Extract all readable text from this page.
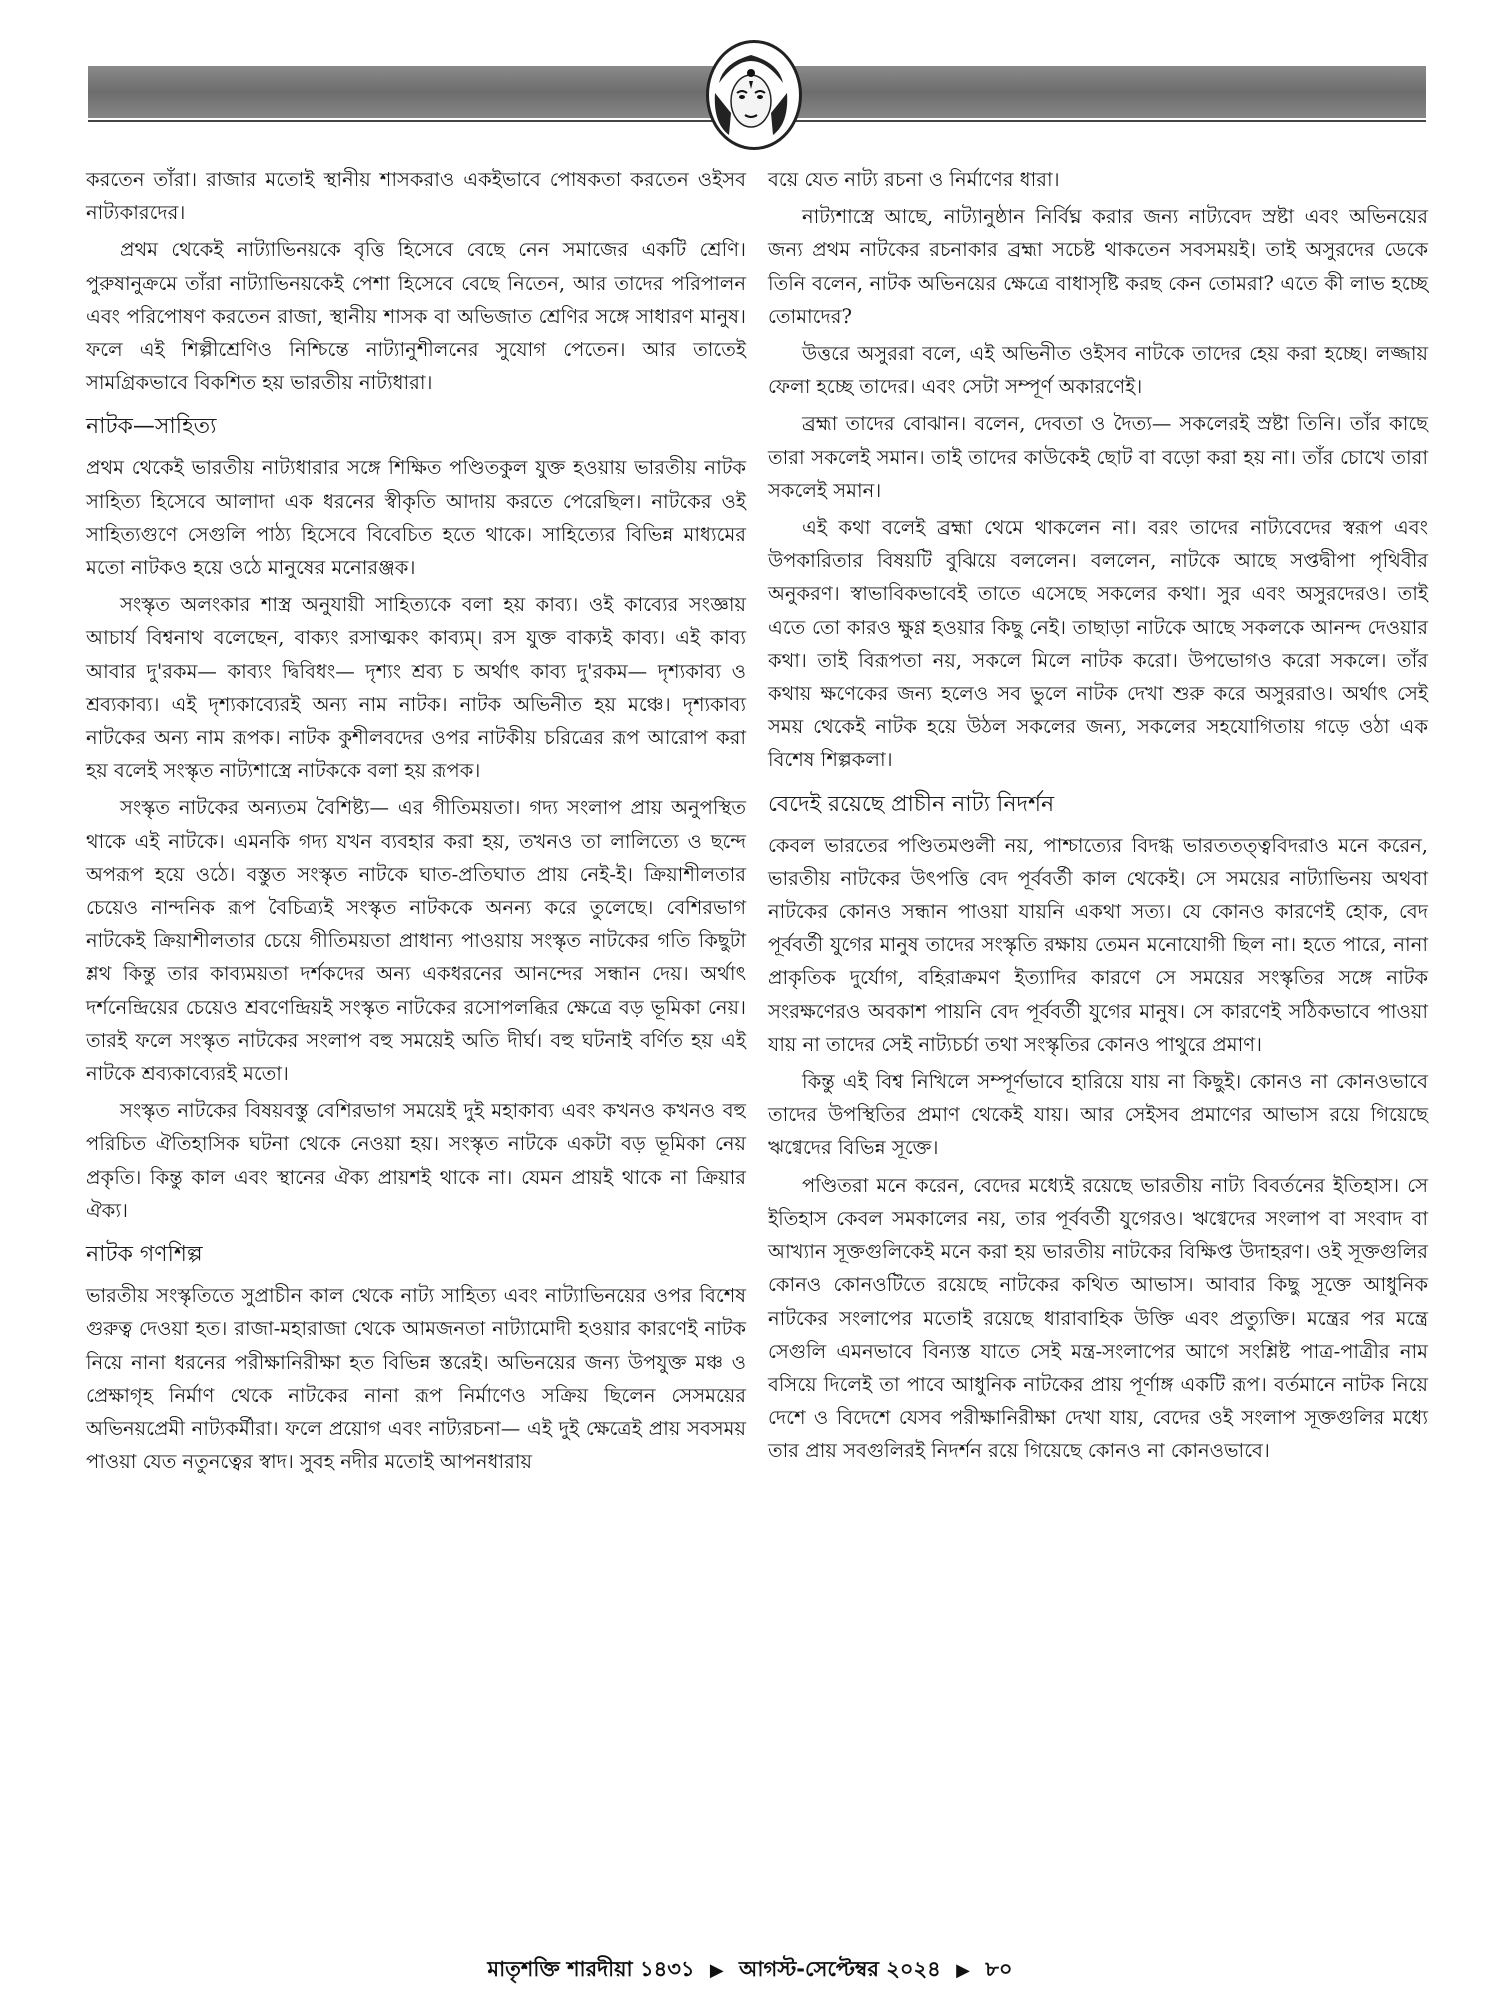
করতেন তাঁরা। রাজার মতোই স্থানীয় শাসকরাও একইভাবে পোষকতা করতেন ওইসব নাট্যকারদের।

প্রথম থেকেই নাট্যাভিনয়কে বৃত্তি হিসেবে বেছে নেন সমাজের একটি শ্রেণি। পুরুষানুক্রমে তাঁরা নাট্যাভিনয়কেই পেশা হিসেবে বেছে নিতেন, আর তাদের পরিপালন এবং পরিপোষণ করতেন রাজা, স্থানীয় শাসক বা অভিজাত শ্রেণির সঙ্গে সাধারণ মানুষ। ফলে এই শিল্পীশ্রেণিও নিশ্চিন্তে নাট্যানুশীলনের সুযোগ পেতেন। আর তাতেই সামগ্রিকভাবে বিকশিত হয় ভারতীয় নাট্যধারা।

নাটক—সাহিত্য

প্রথম থেকেই ভারতীয় নাট্যধারার সঙ্গে শিক্ষিত পণ্ডিতকুল যুক্ত হওয়ায় ভারতীয় নাটক সাহিত্য হিসেবে আলাদা এক ধরনের স্বীকৃতি আদায় করতে পেরেছিল। নাটকের ওই সাহিত্যগুণে সেগুলি পাঠ্য হিসেবে বিবেচিত হতে থাকে। সাহিত্যের বিভিন্ন মাধ্যমের মতো নাটকও হয়ে ওঠে মানুষের মনোরঞ্জক।

সংস্কৃত অলংকার শাস্ত্র অনুযায়ী সাহিত্যকে বলা হয় কাব্য। ওই কাব্যের সংজ্ঞায় আচার্য বিশ্বনাথ বলেছেন, বাক্যং রসাত্মকং কাব্যম্। রস যুক্ত বাক্যই কাব্য। এই কাব্য আবার দু'রকম— কাব্যং দ্বিবিধং— দৃশ্যং শ্রব্য চ অর্থাৎ কাব্য দু'রকম— দৃশ্যকাব্য ও শ্রব্যকাব্য। এই দৃশ্যকাব্যেরই অন্য নাম নাটক। নাটক অভিনীত হয় মঞ্চে। দৃশ্যকাব্য নাটকের অন্য নাম রূপক। নাটক কুশীলবদের ওপর নাটকীয় চরিত্রের রূপ আরোপ করা হয় বলেই সংস্কৃত নাট্যশাস্ত্রে নাটককে বলা হয় রূপক।

সংস্কৃত নাটকের অন্যতম বৈশিষ্ট্য— এর গীতিময়তা। গদ্য সংলাপ প্রায় অনুপস্থিত থাকে এই নাটকে। এমনকি গদ্য যখন ব্যবহার করা হয়, তখনও তা লালিত্যে ও ছন্দে অপরূপ হয়ে ওঠে। বস্তুত সংস্কৃত নাটকে ঘাত-প্রতিঘাত প্রায় নেই-ই। ক্রিয়াশীলতার চেয়েও নান্দনিক রূপ বৈচিত্র্যই সংস্কৃত নাটককে অনন্য করে তুলেছে। বেশিরভাগ নাটকেই ক্রিয়াশীলতার চেয়ে গীতিময়তা প্রাধান্য পাওয়ায় সংস্কৃত নাটকের গতি কিছুটা শ্লথ কিন্তু তার কাব্যময়তা দর্শকদের অন্য একধরনের আনন্দের সন্ধান দেয়। অর্থাৎ দর্শনেন্দ্রিয়ের চেয়েও শ্রবণেন্দ্রিয়ই সংস্কৃত নাটকের রসোপলব্ধির ক্ষেত্রে বড় ভূমিকা নেয়। তারই ফলে সংস্কৃত নাটকের সংলাপ বহু সময়েই অতি দীর্ঘ। বহু ঘটনাই বর্ণিত হয় এই নাটকে শ্রব্যকাব্যেরই মতো।

সংস্কৃত নাটকের বিষয়বস্তু বেশিরভাগ সময়েই দুই মহাকাব্য এবং কখনও কখনও বহু পরিচিত ঐতিহাসিক ঘটনা থেকে নেওয়া হয়। সংস্কৃত নাটকে একটা বড় ভূমিকা নেয় প্রকৃতি। কিন্তু কাল এবং স্থানের ঐক্য প্রায়শই থাকে না। যেমন প্রায়ই থাকে না ক্রিয়ার ঐক্য।

নাটক গণশিল্প

ভারতীয় সংস্কৃতিতে সুপ্রাচীন কাল থেকে নাট্য সাহিত্য এবং নাট্যাভিনয়ের ওপর বিশেষ গুরুত্ব দেওয়া হত। রাজা-মহারাজা থেকে আমজনতা নাট্যামোদী হওয়ার কারণেই নাটক নিয়ে নানা ধরনের পরীক্ষানিরীক্ষা হত বিভিন্ন স্তরেই। অভিনয়ের জন্য উপযুক্ত মঞ্চ ও প্রেক্ষাগৃহ নির্মাণ থেকে নাটকের নানা রূপ নির্মাণেও সক্রিয় ছিলেন সেসময়ের অভিনয়প্রেমী নাট্যকর্মীরা। ফলে প্রয়োগ এবং নাট্যরচনা— এই দুই ক্ষেত্রেই প্রায় সবসময় পাওয়া যেত নতুনত্বের স্বাদ। সুবহ নদীর মতোই আপনধারায়

বয়ে যেত নাট্য রচনা ও নির্মাণের ধারা।

নাট্যশাস্ত্রে আছে, নাট্যানুষ্ঠান নির্বিঘ্ন করার জন্য নাট্যবেদ স্রষ্টা এবং অভিনয়ের জন্য প্রথম নাটকের রচনাকার ব্রহ্মা সচেষ্ট থাকতেন সবসময়ই। তাই অসুরদের ডেকে তিনি বলেন, নাটক অভিনয়ের ক্ষেত্রে বাধাসৃষ্টি করছ কেন তোমরা? এতে কী লাভ হচ্ছে তোমাদের?

উত্তরে অসুররা বলে, এই অভিনীত ওইসব নাটকে তাদের হেয় করা হচ্ছে। লজ্জায় ফেলা হচ্ছে তাদের। এবং সেটা সম্পূর্ণ অকারণেই।

ব্রহ্মা তাদের বোঝান। বলেন, দেবতা ও দৈত্য— সকলেরই স্রষ্টা তিনি। তাঁর কাছে তারা সকলেই সমান। তাই তাদের কাউকেই ছোট বা বড়ো করা হয় না। তাঁর চোখে তারা সকলেই সমান।

এই কথা বলেই ব্রহ্মা থেমে থাকলেন না। বরং তাদের নাট্যবেদের স্বরূপ এবং উপকারিতার বিষয়টি বুঝিয়ে বললেন। বললেন, নাটকে আছে সপ্তদ্বীপা পৃথিবীর অনুকরণ। স্বাভাবিকভাবেই তাতে এসেছে সকলের কথা। সুর এবং অসুরদেরও। তাই এতে তো কারও ক্ষুণ্ণ হওয়ার কিছু নেই। তাছাড়া নাটকে আছে সকলকে আনন্দ দেওয়ার কথা। তাই বিরূপতা নয়, সকলে মিলে নাটক করো। উপভোগও করো সকলে। তাঁর কথায় ক্ষণেকের জন্য হলেও সব ভুলে নাটক দেখা শুরু করে অসুররাও। অর্থাৎ সেই সময় থেকেই নাটক হয়ে উঠল সকলের জন্য, সকলের সহযোগিতায় গড়ে ওঠা এক বিশেষ শিল্পকলা।

বেদেই রয়েছে প্রাচীন নাট্য নিদর্শন

কেবল ভারতের পণ্ডিতমণ্ডলী নয়, পাশ্চাত্যের বিদগ্ধ ভারততত্ত্ববিদরাও মনে করেন, ভারতীয় নাটকের উৎপত্তি বেদ পূর্ববর্তী কাল থেকেই। সে সময়ের নাট্যাভিনয় অথবা নাটকের কোনও সন্ধান পাওয়া যায়নি একথা সত্য। যে কোনও কারণেই হোক, বেদ পূর্ববর্তী যুগের মানুষ তাদের সংস্কৃতি রক্ষায় তেমন মনোযোগী ছিল না। হতে পারে, নানা প্রাকৃতিক দুর্যোগ, বহিরাক্রমণ ইত্যাদির কারণে সে সময়ের সংস্কৃতির সঙ্গে নাটক সংরক্ষণেরও অবকাশ পায়নি বেদ পূর্ববর্তী যুগের মানুষ। সে কারণেই সঠিকভাবে পাওয়া যায় না তাদের সেই নাট্যচর্চা তথা সংস্কৃতির কোনও পাথুরে প্রমাণ।

কিন্তু এই বিশ্ব নিখিলে সম্পূর্ণভাবে হারিয়ে যায় না কিছুই। কোনও না কোনওভাবে তাদের উপস্থিতির প্রমাণ থেকেই যায়। আর সেইসব প্রমাণের আভাস রয়ে গিয়েছে ঋগ্বেদের বিভিন্ন সূক্তে।

পণ্ডিতরা মনে করেন, বেদের মধ্যেই রয়েছে ভারতীয় নাট্য বিবর্তনের ইতিহাস। সে ইতিহাস কেবল সমকালের নয়, তার পূর্ববর্তী যুগেরও। ঋগ্বেদের সংলাপ বা সংবাদ বা আখ্যান সূক্তগুলিকেই মনে করা হয় ভারতীয় নাটকের বিক্ষিপ্ত উদাহরণ। ওই সূক্তগুলির কোনও কোনওটিতে রয়েছে নাটকের কথিত আভাস। আবার কিছু সূক্তে আধুনিক নাটকের সংলাপের মতোই রয়েছে ধারাবাহিক উক্তি এবং প্রত্যুক্তি। মন্ত্রের পর মন্ত্রে সেগুলি এমনভাবে বিন্যস্ত যাতে সেই মন্ত্র-সংলাপের আগে সংশ্লিষ্ট পাত্র-পাত্রীর নাম বসিয়ে দিলেই তা পাবে আধুনিক নাটকের প্রায় পূর্ণাঙ্গ একটি রূপ। বর্তমানে নাটক নিয়ে দেশে ও বিদেশে যেসব পরীক্ষানিরীক্ষা দেখা যায়, বেদের ওই সংলাপ সূক্তগুলির মধ্যে তার প্রায় সবগুলিরই নিদর্শন রয়ে গিয়েছে কোনও না কোনওভাবে।

মাতৃশক্তি শারদীয়া ১৪৩১ ▶ আগস্ট-সেপ্টেম্বর ২০২৪ ▶ ৮০
